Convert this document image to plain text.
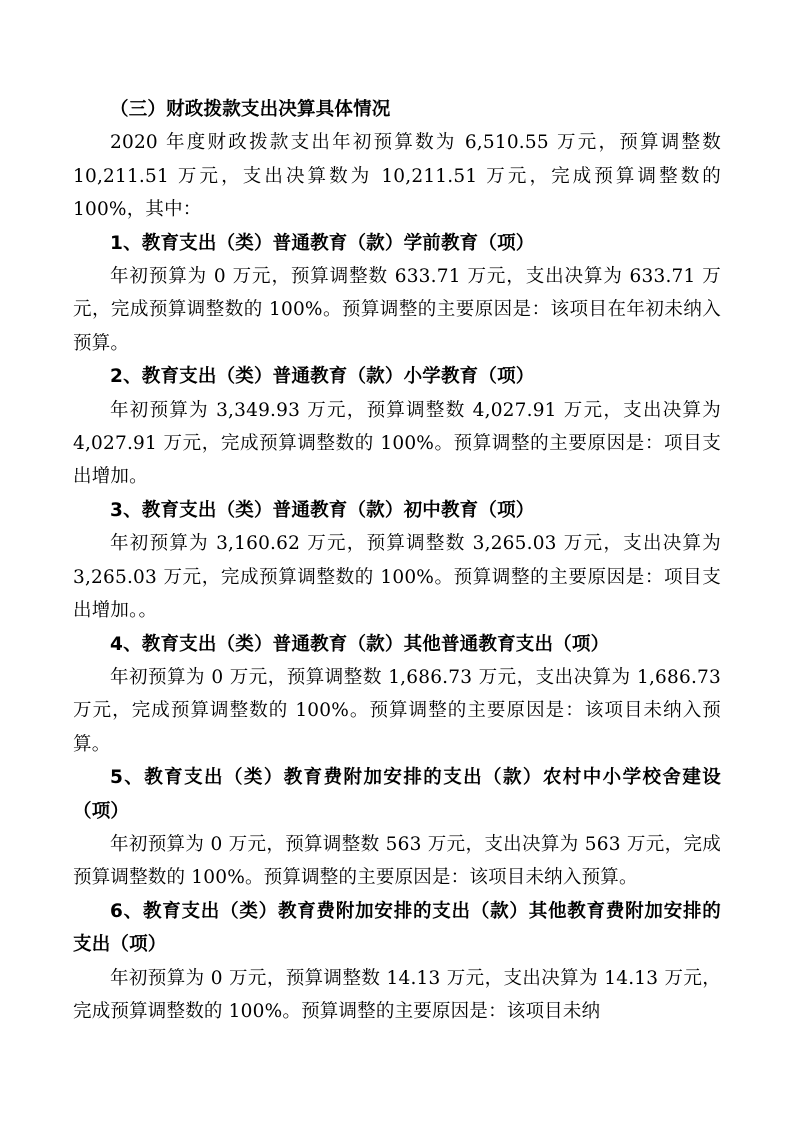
（三）财政拨款支出决算具体情况

2020 年度财政拨款支出年初预算数为 6,510.55 万元，预算调整数 10,211.51 万元，支出决算数为 10,211.51 万元，完成预算调整数的 100%，其中：

1、教育支出（类）普通教育（款）学前教育（项）

年初预算为 0 万元，预算调整数 633.71 万元，支出决算为 633.71 万元，完成预算调整数的 100%。预算调整的主要原因是：该项目在年初未纳入预算。

2、教育支出（类）普通教育（款）小学教育（项）

年初预算为 3,349.93 万元，预算调整数 4,027.91 万元，支出决算为 4,027.91 万元，完成预算调整数的 100%。预算调整的主要原因是：项目支出增加。

3、教育支出（类）普通教育（款）初中教育（项）

年初预算为 3,160.62 万元，预算调整数 3,265.03 万元，支出决算为 3,265.03 万元，完成预算调整数的 100%。预算调整的主要原因是：项目支出增加。。

4、教育支出（类）普通教育（款）其他普通教育支出（项）

年初预算为 0 万元，预算调整数 1,686.73 万元，支出决算为 1,686.73 万元，完成预算调整数的 100%。预算调整的主要原因是：该项目未纳入预算。

5、教育支出（类）教育费附加安排的支出（款）农村中小学校舍建设（项）

年初预算为 0 万元，预算调整数 563 万元，支出决算为 563 万元，完成预算调整数的 100%。预算调整的主要原因是：该项目未纳入预算。

6、教育支出（类）教育费附加安排的支出（款）其他教育费附加安排的支出（项）

年初预算为 0 万元，预算调整数 14.13 万元，支出决算为 14.13 万元，完成预算调整数的 100%。预算调整的主要原因是：该项目未纳
